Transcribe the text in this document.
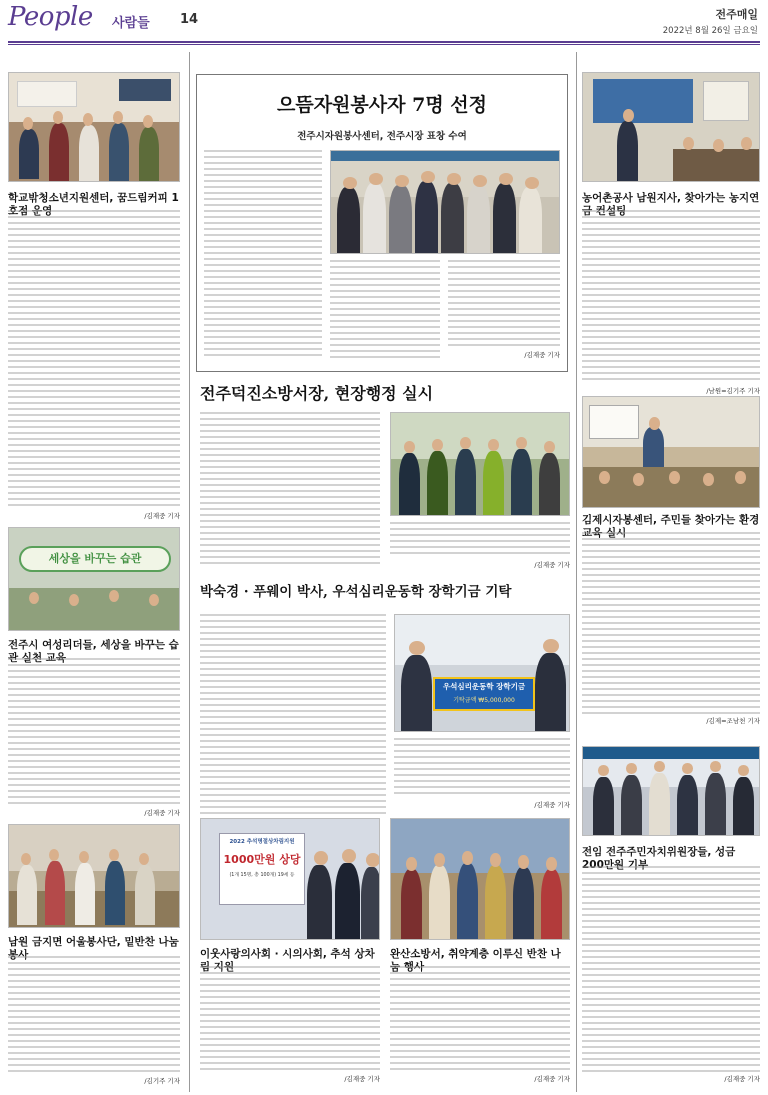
People 사람들 14	전주매일
2022년 8월 26일 금요일
학교밖청소년지원센터, 꿈드림커피 1호점 운영
/김재중 기자
세상을 바꾸는 습관
전주시 여성리더들, 세상을 바꾸는 습관 실천 교육
/김재중 기자
남원 금지면 어울봉사단, 밑반찬 나눔 봉사
/김기주 기자
으뜸자원봉사자 7명 선정
전주시자원봉사센터, 전주시장 표창 수여
/김재중 기자
전주덕진소방서장, 현장행정 실시
/김재중 기자
박숙경 · 푸웨이 박사, 우석심리운동학 장학기금 기탁
우석심리운동학 장학기금
기탁금액 ₩5,000,000
/김재중 기자
2022 추석명절상차림지원
1000만원 상당
(1개 15명, 총 100개) 19세 등
이웃사랑의사회 · 시의사회, 추석 상차림 지원
/김재중 기자
완산소방서, 취약계층 이루신 반찬 나눔 행사
/김재중 기자
농어촌공사 남원지사, 찾아가는 농지연금 컨설팅
/남원=김기주 기자
김제시자봉센터, 주민들 찾아가는 환경교육 실시
/김제=조남천 기자
전임 전주주민자치위원장들, 성금 200만원 기부
/김재중 기자
